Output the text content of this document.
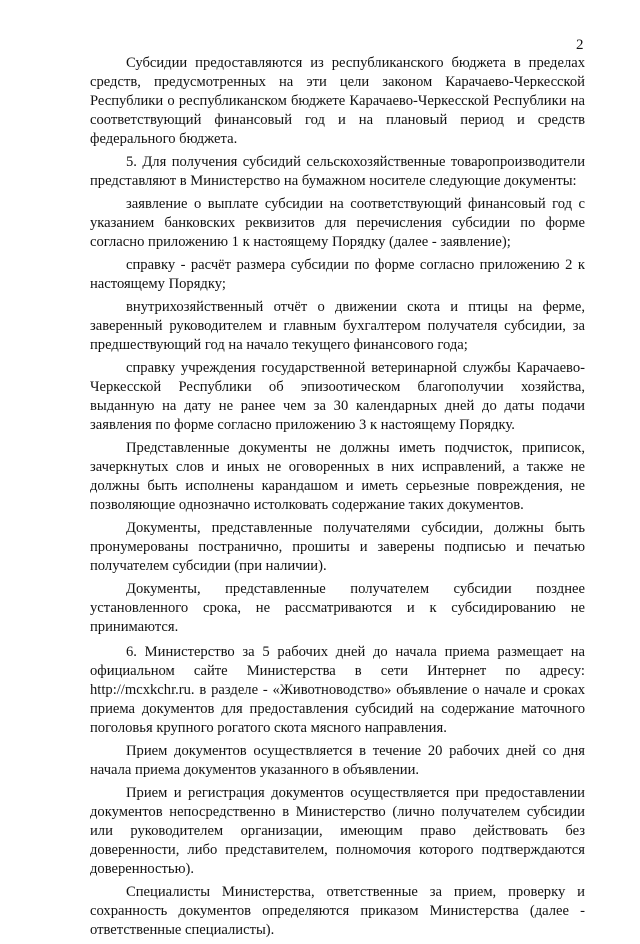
2

Субсидии предоставляются из республиканского бюджета в пределах средств, предусмотренных на эти цели законом Карачаево-Черкесской Республики о республиканском бюджете Карачаево-Черкесской Республики на соответствующий финансовый год и на плановый период и средств федерального бюджета.

5. Для получения субсидий сельскохозяйственные товаропроизводители представляют в Министерство на бумажном носителе следующие документы:

заявление о выплате субсидии на соответствующий финансовый год с указанием банковских реквизитов для перечисления субсидии по форме согласно приложению 1 к настоящему Порядку (далее - заявление);

справку - расчёт размера субсидии по форме согласно приложению 2 к настоящему Порядку;

внутрихозяйственный отчёт о движении скота и птицы на ферме, заверенный руководителем и главным бухгалтером получателя субсидии, за предшествующий год на начало текущего финансового года;

справку учреждения государственной ветеринарной службы Карачаево-Черкесской Республики об эпизоотическом благополучии хозяйства, выданную на дату не ранее чем за 30 календарных дней до даты подачи заявления по форме согласно приложению 3 к настоящему Порядку.

Представленные документы не должны иметь подчисток, приписок, зачеркнутых слов и иных не оговоренных в них исправлений, а также не должны быть исполнены карандашом и иметь серьезные повреждения, не позволяющие однозначно истолковать содержание таких документов.

Документы, представленные получателями субсидии, должны быть пронумерованы постранично, прошиты и заверены подписью и печатью получателем субсидии (при наличии).

Документы, представленные получателем субсидии позднее установленного срока, не рассматриваются и к субсидированию не принимаются.

6. Министерство за 5 рабочих дней до начала приема размещает на официальном сайте Министерства в сети Интернет по адресу: http://mcxkchr.ru. в разделе - «Животноводство» объявление о начале и сроках приема документов для предоставления субсидий на содержание маточного поголовья крупного рогатого скота мясного направления.

Прием документов осуществляется в течение 20 рабочих дней со дня начала приема документов указанного в объявлении.

Прием и регистрация документов осуществляется при предоставлении документов непосредственно в Министерство (лично получателем субсидии или руководителем организации, имеющим право действовать без доверенности, либо представителем, полномочия которого подтверждаются доверенностью).

Специалисты Министерства, ответственные за прием, проверку и сохранность документов определяются приказом Министерства (далее - ответственные специалисты).
